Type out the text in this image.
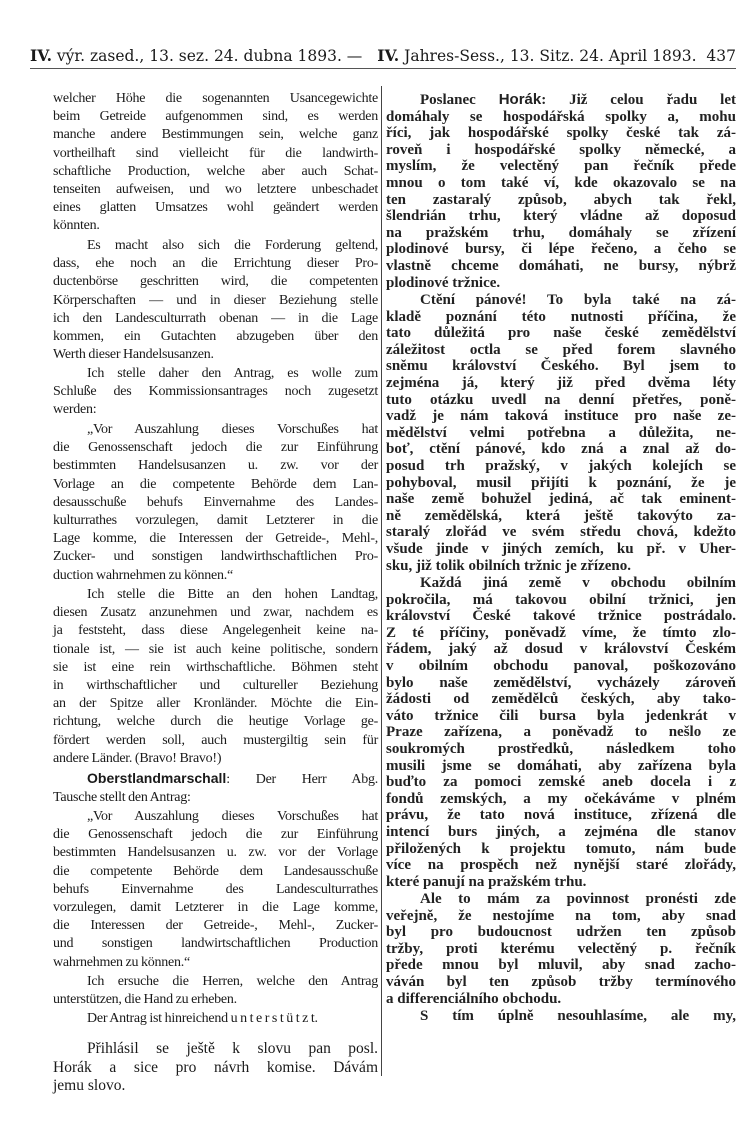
IV. výr. zased., 13. sez. 24. dubna 1893. — IV. Jahres-Sess., 13. Sitz. 24. April 1893. 437
welcher Höhe die sogenannten Usancegewichte
beim Getreide aufgenommen sind, es werden
manche andere Bestimmungen sein, welche ganz
vortheilhaft sind vielleicht für die landwirth-
schaftliche Production, welche aber auch Schat-
tenseiten aufweisen, und wo letztere unbeschadet
eines glatten Umsatzes wohl geändert werden
könnten.
Es macht also sich die Forderung geltend,
dass, ehe noch an die Errichtung dieser Pro-
ductenbörse geschritten wird, die competenten
Körperschaften — und in dieser Beziehung stelle
ich den Landesculturrath obenan — in die Lage
kommen, ein Gutachten abzugeben über den
Werth dieser Handelsusanzen.
Ich stelle daher den Antrag, es wolle zum
Schluße des Kommissionsantrages noch zugesetzt
werden:
„Vor Auszahlung dieses Vorschußes hat
die Genossenschaft jedoch die zur Einführung
bestimmten Handelsusanzen u. zw. vor der
Vorlage an die competente Behörde dem Lan-
desausschuße behufs Einvernahme des Landes-
kulturrathes vorzulegen, damit Letzterer in die
Lage komme, die Interessen der Getreide-, Mehl-,
Zucker- und sonstigen landwirthschaftlichen Pro-
duction wahrnehmen zu können.“
Ich stelle die Bitte an den hohen Landtag,
diesen Zusatz anzunehmen und zwar, nachdem es
ja feststeht, dass diese Angelegenheit keine na-
tionale ist, — sie ist auch keine politische, sondern
sie ist eine rein wirthschaftliche. Böhmen steht
in wirthschaftlicher und cultureller Beziehung
an der Spitze aller Kronländer. Möchte die Ein-
richtung, welche durch die heutige Vorlage ge-
fördert werden soll, auch mustergiltig sein für
andere Länder. (Bravo! Bravo!)
Oberstlandmarschall: Der Herr Abg.
Tausche stellt den Antrag:
„Vor Auszahlung dieses Vorschußes hat
die Genossenschaft jedoch die zur Einführung
bestimmten Handelsusanzen u. zw. vor der Vorlage
die competente Behörde dem Landesausschuße
behufs Einvernahme des Landesculturrathes
vorzulegen, damit Letzterer in die Lage komme,
die Interessen der Getreide-, Mehl-, Zucker-
und sonstigen landwirtschaftlichen Production
wahrnehmen zu können.“
Ich ersuche die Herren, welche den Antrag
unterstützen, die Hand zu erheben.
Der Antrag ist hinreichend u n t e r s t ü t z t.
Přihlásil se ještě k slovu pan posl.
Horák a sice pro návrh komise. Dávám
jemu slovo.
Poslanec Horák: Již celou řadu let
domáhaly se hospodářská spolky a, mohu
říci, jak hospodářské spolky české tak zá-
roveň i hospodářské spolky německé, a
myslím, že velectěný pan řečník přede
mnou o tom také ví, kde okazovalo se na
ten zastaralý způsob, abych tak řekl,
šlendrián trhu, který vládne až doposud
na pražském trhu, domáhaly se zřízení
plodinové bursy, či lépe řečeno, a čeho se
vlastně chceme domáhati, ne bursy, nýbrž
plodinové tržnice.
Ctění pánové! To byla také na zá-
kladě poznání této nutnosti příčina, že
tato důležitá pro naše české zemědělství
záležitost octla se před forem slavného
sněmu království Českého. Byl jsem to
zejména já, který již před dvěma léty
tuto otázku uvedl na denní přetřes, poně-
vadž je nám taková instituce pro naše ze-
mědělství velmi potřebna a důležita, ne-
boť, ctění pánové, kdo zná a znal až do-
posud trh pražský, v jakých kolejích se
pohyboval, musil přijíti k poznání, že je
naše země bohužel jediná, ač tak eminent-
ně zemědělská, která ještě takovýto za-
staralý zlořád ve svém středu chová, kdežto
všude jinde v jiných zemích, ku př. v Uher-
sku, již tolik obilních tržnic je zřízeno.
Každá jiná země v obchodu obilním
pokročila, má takovou obilní tržnici, jen
království České takové tržnice postrádalo.
Z té příčiny, poněvadž víme, že tímto zlo-
řádem, jaký až dosud v království Českém
v obilním obchodu panoval, poškozováno
bylo naše zemědělství, vycházely zároveň
žádosti od zemědělců českých, aby tako-
váto tržnice čili bursa byla jedenkrát v
Praze zařízena, a poněvadž to nešlo ze
soukromých prostředků, následkem toho
musili jsme se domáhati, aby zařízena byla
buďto za pomoci zemské aneb docela i z
fondů zemských, a my očekáváme v plném
právu, že tato nová instituce, zřízená dle
intencí burs jiných, a zejména dle stanov
přiložených k projektu tomuto, nám bude
více na prospěch než nynější staré zlořády,
které panují na pražském trhu.
Ale to mám za povinnost pronésti zde
veřejně, že nestojíme na tom, aby snad
byl pro budoucnost udržen ten způsob
tržby, proti kterému velectěný p. řečník
přede mnou byl mluvil, aby snad zacho-
váván byl ten způsob tržby termínového
a differenciálního obchodu.
S tím úplně nesouhlasíme, ale my,
